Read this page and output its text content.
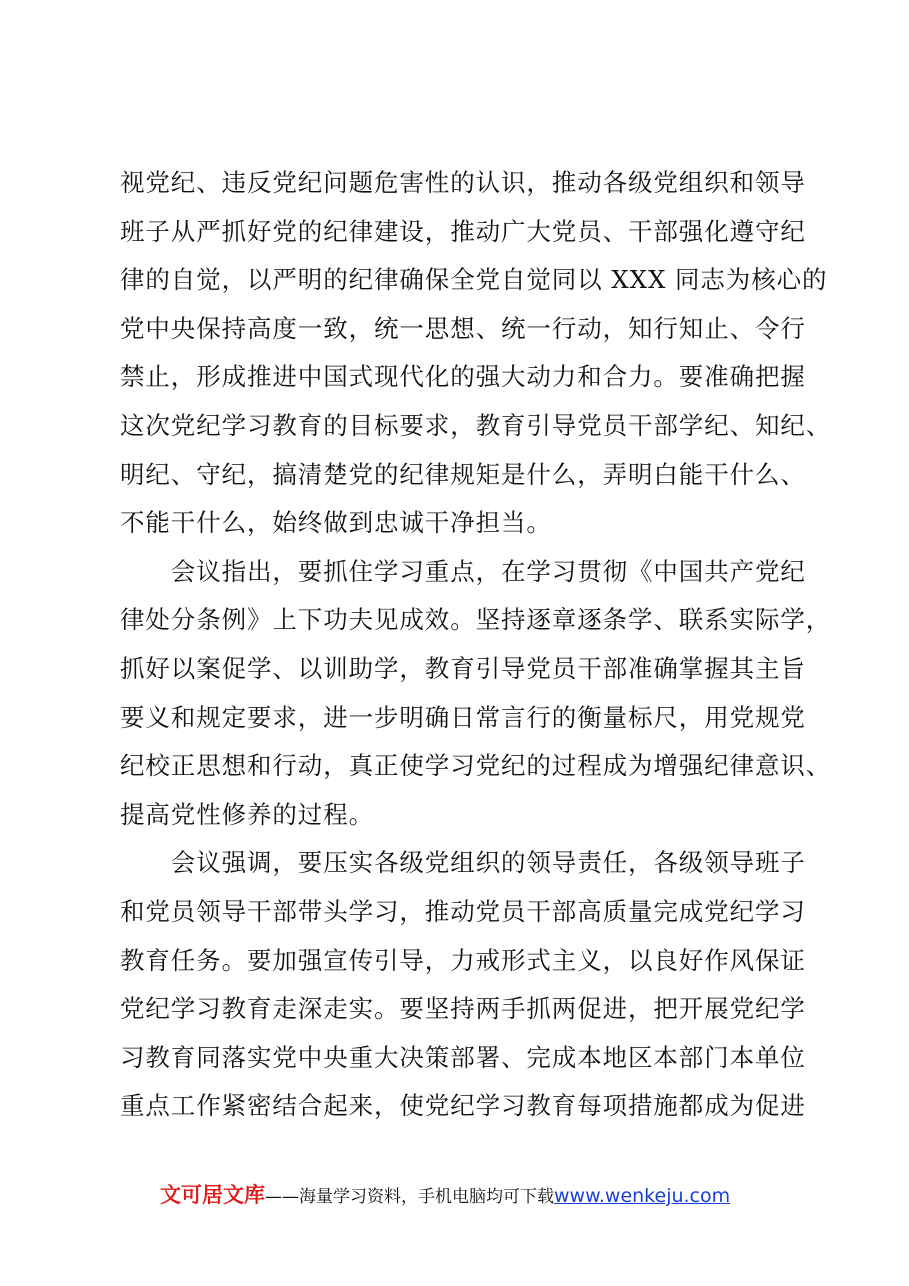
视党纪、违反党纪问题危害性的认识，推动各级党组织和领导
班子从严抓好党的纪律建设，推动广大党员、干部强化遵守纪
律的自觉，以严明的纪律确保全党自觉同以 XXX 同志为核心的
党中央保持高度一致，统一思想、统一行动，知行知止、令行
禁止，形成推进中国式现代化的强大动力和合力。要准确把握
这次党纪学习教育的目标要求，教育引导党员干部学纪、知纪、
明纪、守纪，搞清楚党的纪律规矩是什么，弄明白能干什么、
不能干什么，始终做到忠诚干净担当。
　　会议指出，要抓住学习重点，在学习贯彻《中国共产党纪
律处分条例》上下功夫见成效。坚持逐章逐条学、联系实际学，
抓好以案促学、以训助学，教育引导党员干部准确掌握其主旨
要义和规定要求，进一步明确日常言行的衡量标尺，用党规党
纪校正思想和行动，真正使学习党纪的过程成为增强纪律意识、
提高党性修养的过程。
　　会议强调，要压实各级党组织的领导责任，各级领导班子
和党员领导干部带头学习，推动党员干部高质量完成党纪学习
教育任务。要加强宣传引导，力戒形式主义，以良好作风保证
党纪学习教育走深走实。要坚持两手抓两促进，把开展党纪学
习教育同落实党中央重大决策部署、完成本地区本部门本单位
重点工作紧密结合起来，使党纪学习教育每项措施都成为促进
文可居文库——海量学习资料，手机电脑均可下载www.wenkeju.com
